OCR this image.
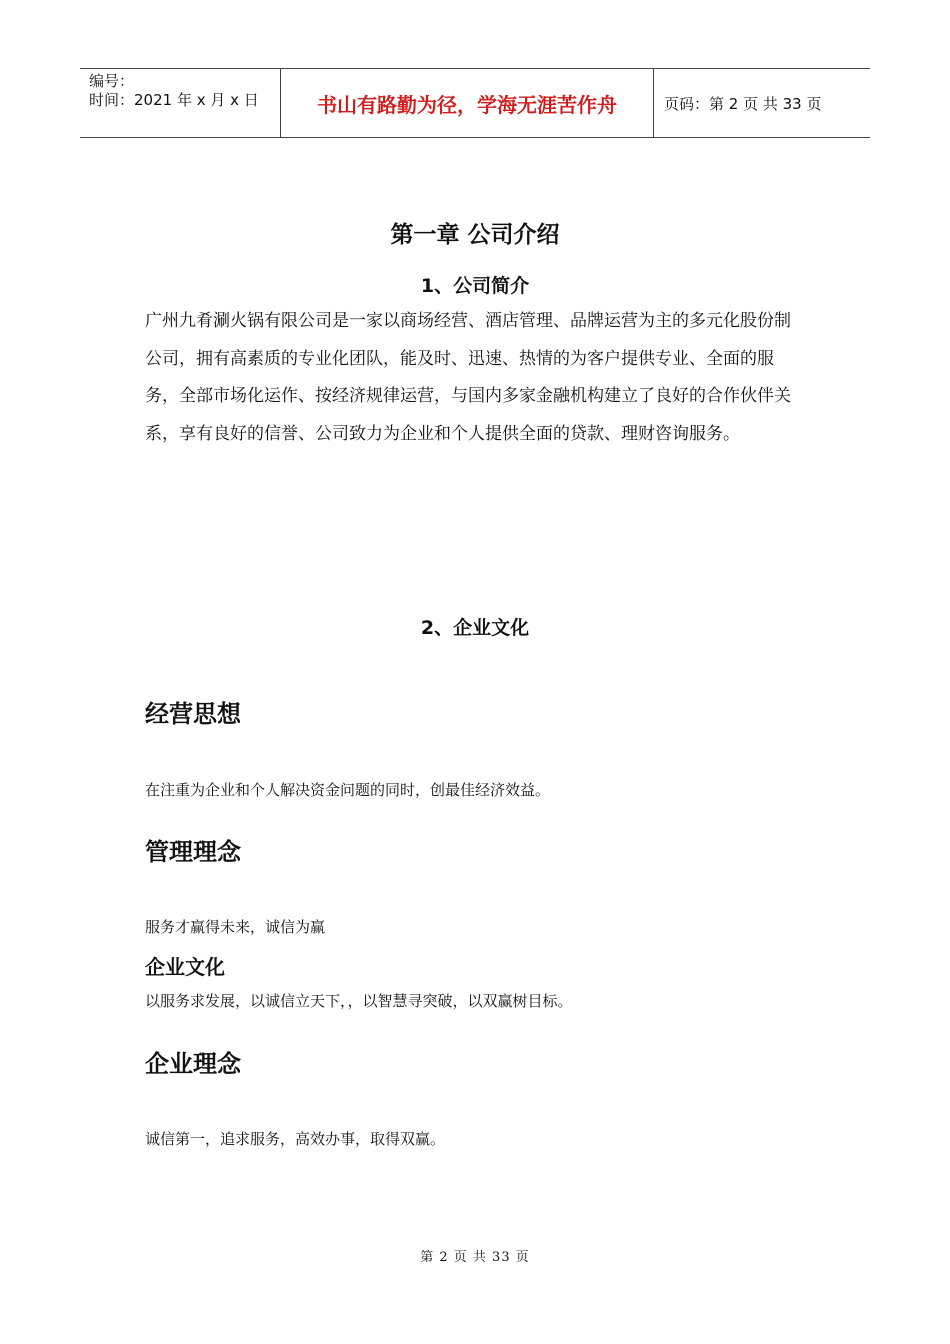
编号：
时间：2021 年 x 月 x 日	书山有路勤为径，学海无涯苦作舟	页码：第 2 页 共 33 页
第一章 公司介绍
1、公司简介

广州九肴涮火锅有限公司是一家以商场经营、酒店管理、品牌运营为主的多元化股份制公司，拥有高素质的专业化团队，能及时、迅速、热情的为客户提供专业、全面的服务，全部市场化运作、按经济规律运营，与国内多家金融机构建立了良好的合作伙伴关系，享有良好的信誉、公司致力为企业和个人提供全面的贷款、理财咨询服务。

2、企业文化
经营思想

在注重为企业和个人解决资金问题的同时，创最佳经济效益。

管理理念

服务才赢得未来，诚信为赢

企业文化

以服务求发展，以诚信立天下，，以智慧寻突破，以双赢树目标。

企业理念

诚信第一，追求服务，高效办事，取得双赢。

第 2 页 共 33 页
